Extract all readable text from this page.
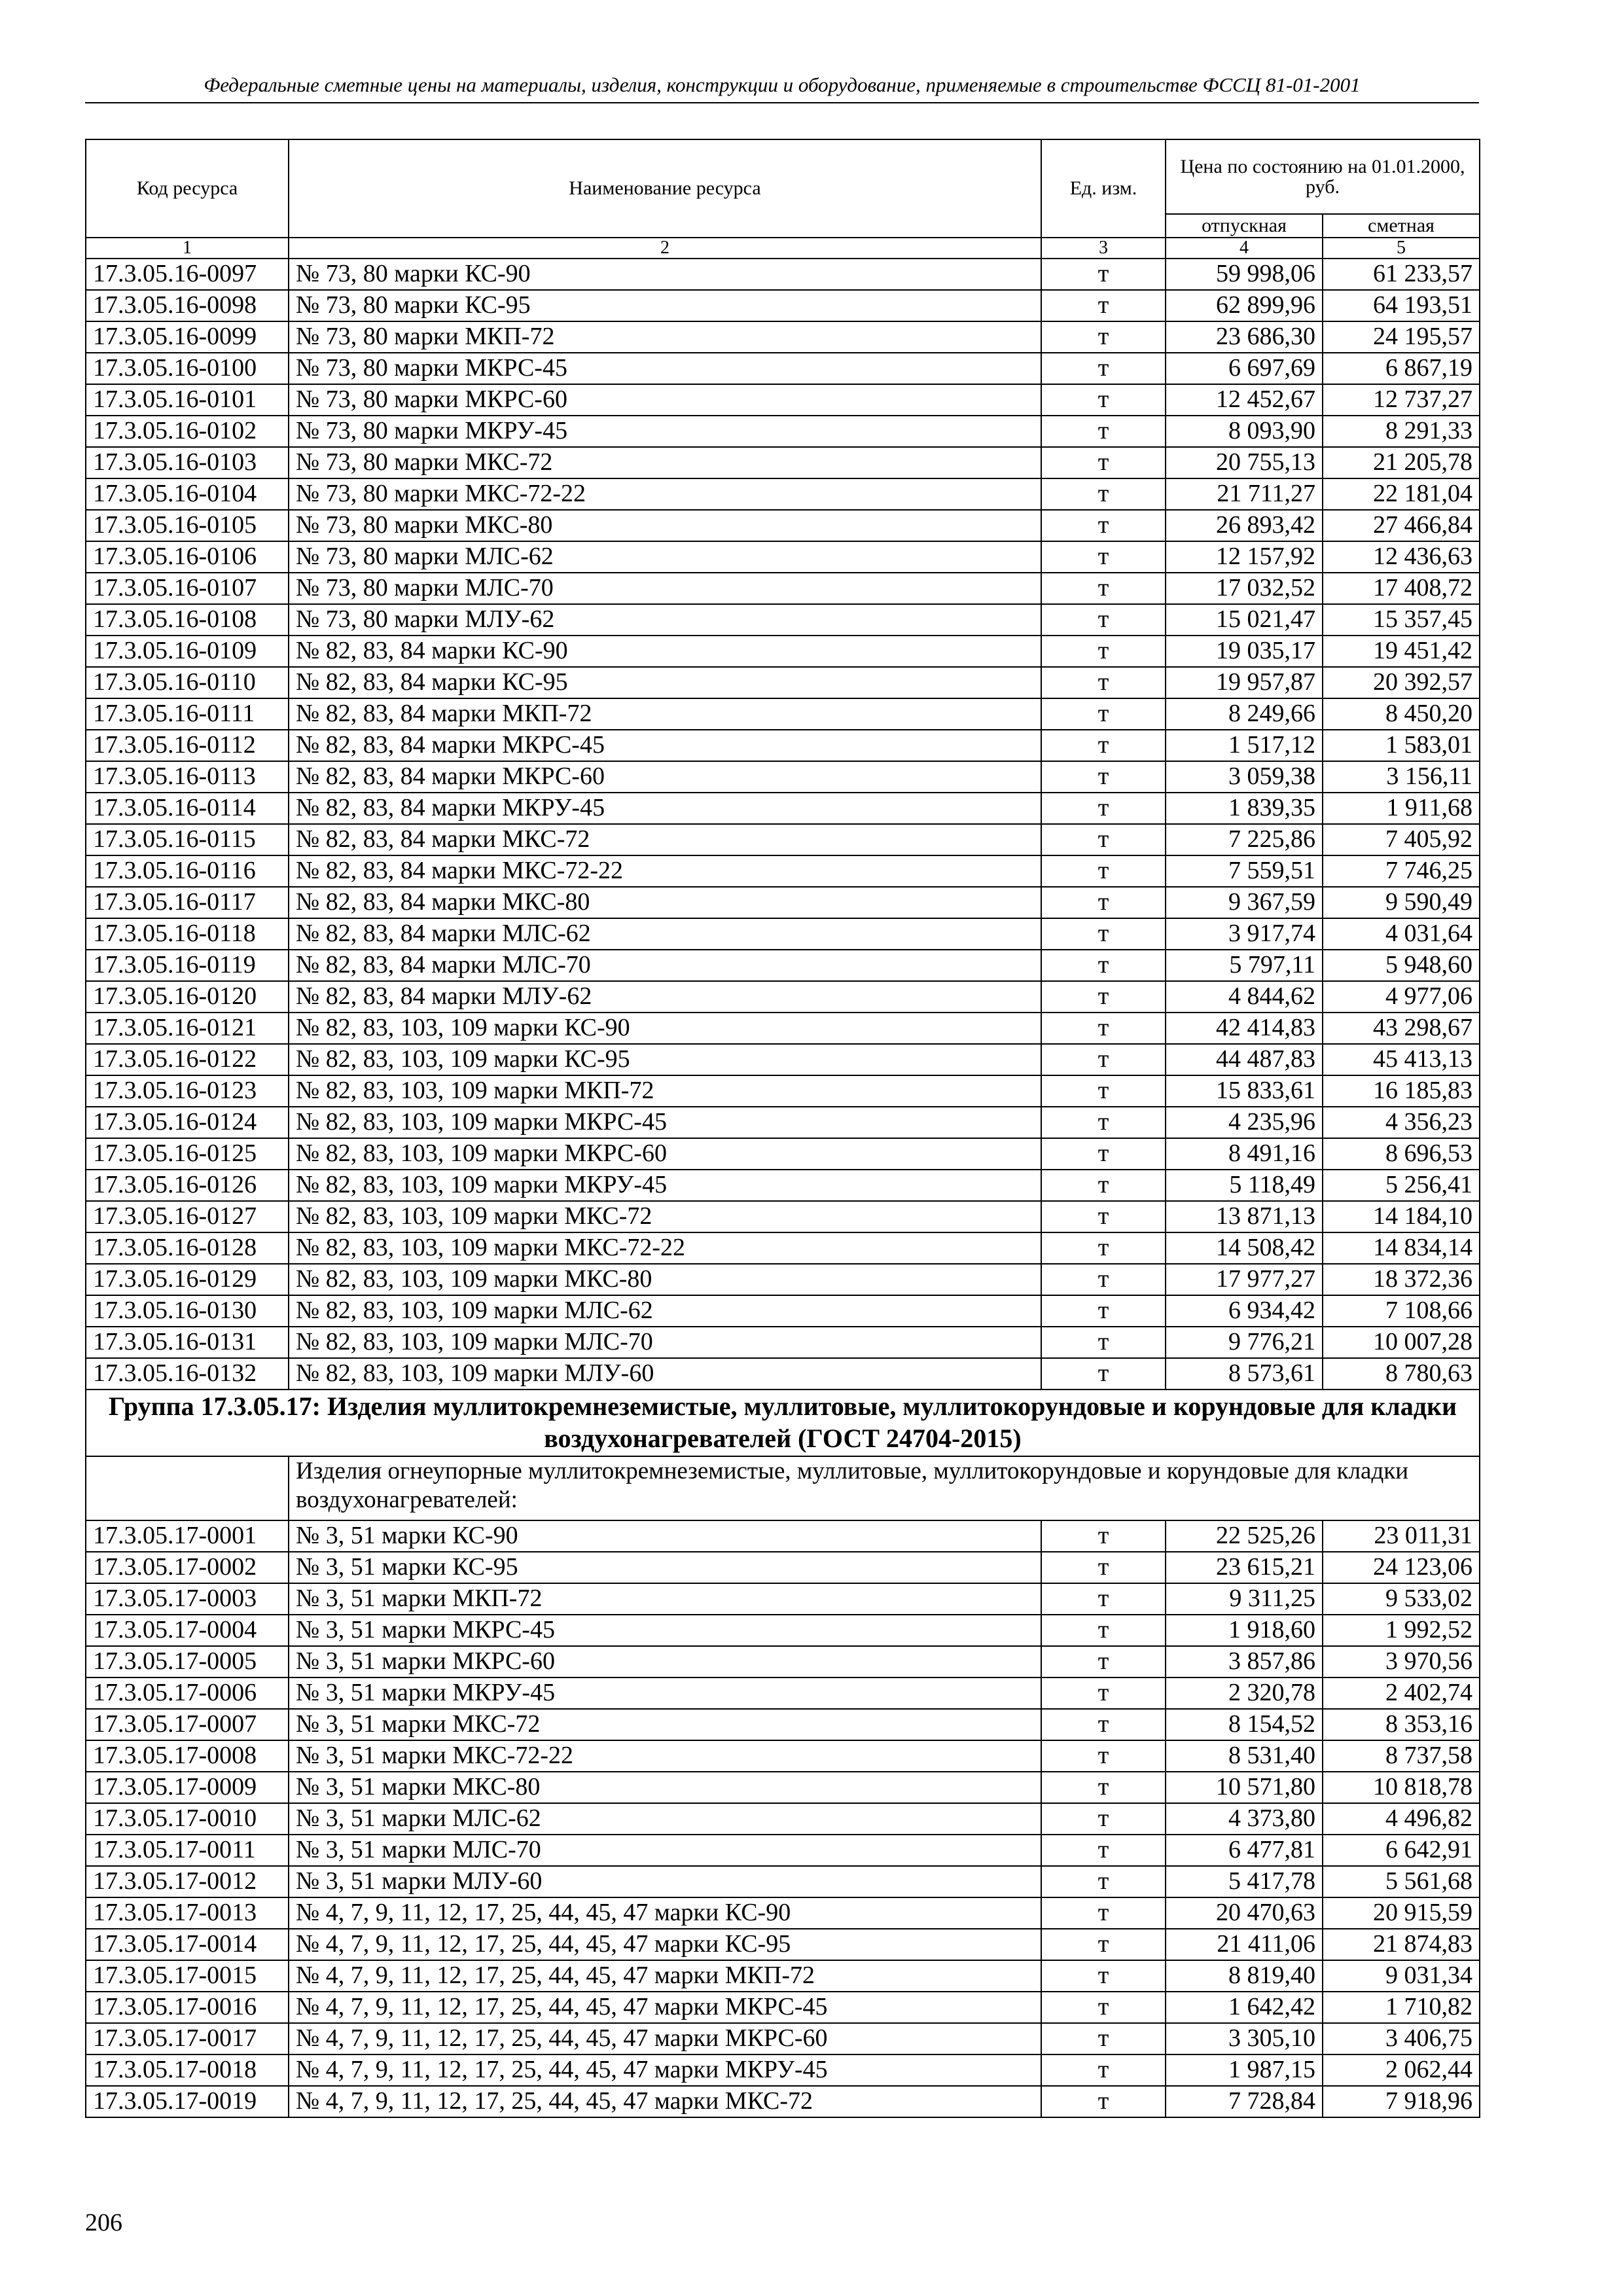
Федеральные сметные цены на материалы, изделия, конструкции и оборудование, применяемые в строительстве ФССЦ 81-01-2001
Код ресурса	Наименование ресурса	Ед. изм.	Цена по состоянию на 01.01.2000, руб.	
			отпускная	сметная
1	2	3	4	5
17.3.05.16-0097	№ 73, 80 марки КС-90	т	59 998,06	61 233,57
17.3.05.16-0098	№ 73, 80 марки КС-95	т	62 899,96	64 193,51
17.3.05.16-0099	№ 73, 80 марки МКП-72	т	23 686,30	24 195,57
17.3.05.16-0100	№ 73, 80 марки МКРС-45	т	6 697,69	6 867,19
17.3.05.16-0101	№ 73, 80 марки МКРС-60	т	12 452,67	12 737,27
17.3.05.16-0102	№ 73, 80 марки МКРУ-45	т	8 093,90	8 291,33
17.3.05.16-0103	№ 73, 80 марки МКС-72	т	20 755,13	21 205,78
17.3.05.16-0104	№ 73, 80 марки МКС-72-22	т	21 711,27	22 181,04
17.3.05.16-0105	№ 73, 80 марки МКС-80	т	26 893,42	27 466,84
17.3.05.16-0106	№ 73, 80 марки МЛС-62	т	12 157,92	12 436,63
17.3.05.16-0107	№ 73, 80 марки МЛС-70	т	17 032,52	17 408,72
17.3.05.16-0108	№ 73, 80 марки МЛУ-62	т	15 021,47	15 357,45
17.3.05.16-0109	№ 82, 83, 84 марки КС-90	т	19 035,17	19 451,42
17.3.05.16-0110	№ 82, 83, 84 марки КС-95	т	19 957,87	20 392,57
17.3.05.16-0111	№ 82, 83, 84 марки МКП-72	т	8 249,66	8 450,20
17.3.05.16-0112	№ 82, 83, 84 марки МКРС-45	т	1 517,12	1 583,01
17.3.05.16-0113	№ 82, 83, 84 марки МКРС-60	т	3 059,38	3 156,11
17.3.05.16-0114	№ 82, 83, 84 марки МКРУ-45	т	1 839,35	1 911,68
17.3.05.16-0115	№ 82, 83, 84 марки МКС-72	т	7 225,86	7 405,92
17.3.05.16-0116	№ 82, 83, 84 марки МКС-72-22	т	7 559,51	7 746,25
17.3.05.16-0117	№ 82, 83, 84 марки МКС-80	т	9 367,59	9 590,49
17.3.05.16-0118	№ 82, 83, 84 марки МЛС-62	т	3 917,74	4 031,64
17.3.05.16-0119	№ 82, 83, 84 марки МЛС-70	т	5 797,11	5 948,60
17.3.05.16-0120	№ 82, 83, 84 марки МЛУ-62	т	4 844,62	4 977,06
17.3.05.16-0121	№ 82, 83, 103, 109 марки КС-90	т	42 414,83	43 298,67
17.3.05.16-0122	№ 82, 83, 103, 109 марки КС-95	т	44 487,83	45 413,13
17.3.05.16-0123	№ 82, 83, 103, 109 марки МКП-72	т	15 833,61	16 185,83
17.3.05.16-0124	№ 82, 83, 103, 109 марки МКРС-45	т	4 235,96	4 356,23
17.3.05.16-0125	№ 82, 83, 103, 109 марки МКРС-60	т	8 491,16	8 696,53
17.3.05.16-0126	№ 82, 83, 103, 109 марки МКРУ-45	т	5 118,49	5 256,41
17.3.05.16-0127	№ 82, 83, 103, 109 марки МКС-72	т	13 871,13	14 184,10
17.3.05.16-0128	№ 82, 83, 103, 109 марки МКС-72-22	т	14 508,42	14 834,14
17.3.05.16-0129	№ 82, 83, 103, 109 марки МКС-80	т	17 977,27	18 372,36
17.3.05.16-0130	№ 82, 83, 103, 109 марки МЛС-62	т	6 934,42	7 108,66
17.3.05.16-0131	№ 82, 83, 103, 109 марки МЛС-70	т	9 776,21	10 007,28
17.3.05.16-0132	№ 82, 83, 103, 109 марки МЛУ-60	т	8 573,61	8 780,63
Группа 17.3.05.17: Изделия муллитокремнеземистые, муллитовые, муллитокорундовые и корундовые для кладки воздухонагревателей (ГОСТ 24704-2015)				
	Изделия огнеупорные муллитокремнеземистые, муллитовые, муллитокорундовые и корундовые для кладки воздухонагревателей:			
17.3.05.17-0001	№ 3, 51 марки КС-90	т	22 525,26	23 011,31
17.3.05.17-0002	№ 3, 51 марки КС-95	т	23 615,21	24 123,06
17.3.05.17-0003	№ 3, 51 марки МКП-72	т	9 311,25	9 533,02
17.3.05.17-0004	№ 3, 51 марки МКРС-45	т	1 918,60	1 992,52
17.3.05.17-0005	№ 3, 51 марки МКРС-60	т	3 857,86	3 970,56
17.3.05.17-0006	№ 3, 51 марки МКРУ-45	т	2 320,78	2 402,74
17.3.05.17-0007	№ 3, 51 марки МКС-72	т	8 154,52	8 353,16
17.3.05.17-0008	№ 3, 51 марки МКС-72-22	т	8 531,40	8 737,58
17.3.05.17-0009	№ 3, 51 марки МКС-80	т	10 571,80	10 818,78
17.3.05.17-0010	№ 3, 51 марки МЛС-62	т	4 373,80	4 496,82
17.3.05.17-0011	№ 3, 51 марки МЛС-70	т	6 477,81	6 642,91
17.3.05.17-0012	№ 3, 51 марки МЛУ-60	т	5 417,78	5 561,68
17.3.05.17-0013	№ 4, 7, 9, 11, 12, 17, 25, 44, 45, 47 марки КС-90	т	20 470,63	20 915,59
17.3.05.17-0014	№ 4, 7, 9, 11, 12, 17, 25, 44, 45, 47 марки КС-95	т	21 411,06	21 874,83
17.3.05.17-0015	№ 4, 7, 9, 11, 12, 17, 25, 44, 45, 47 марки МКП-72	т	8 819,40	9 031,34
17.3.05.17-0016	№ 4, 7, 9, 11, 12, 17, 25, 44, 45, 47 марки МКРС-45	т	1 642,42	1 710,82
17.3.05.17-0017	№ 4, 7, 9, 11, 12, 17, 25, 44, 45, 47 марки МКРС-60	т	3 305,10	3 406,75
17.3.05.17-0018	№ 4, 7, 9, 11, 12, 17, 25, 44, 45, 47 марки МКРУ-45	т	1 987,15	2 062,44
17.3.05.17-0019	№ 4, 7, 9, 11, 12, 17, 25, 44, 45, 47 марки МКС-72	т	7 728,84	7 918,96
206
